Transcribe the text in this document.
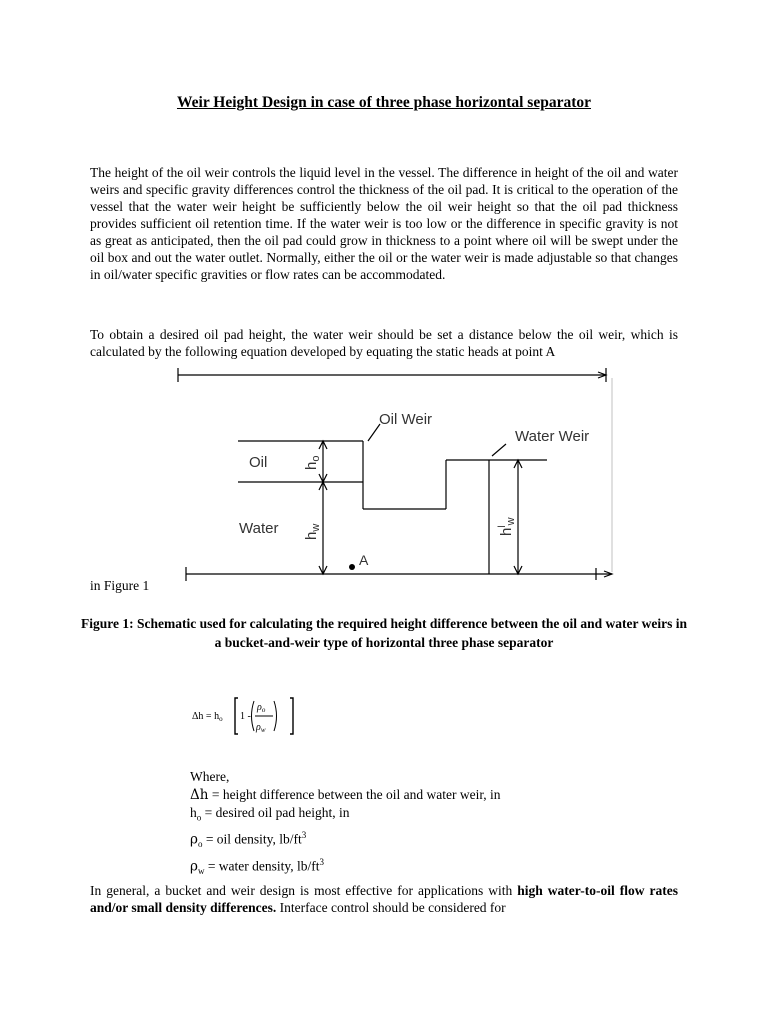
Weir Height Design in case of three phase horizontal separator
The height of the oil weir controls the liquid level in the vessel. The difference in height of the oil and water weirs and specific gravity differences control the thickness of the oil pad. It is critical to the operation of the vessel that the water weir height be sufficiently below the oil weir height so that the oil pad thickness provides sufficient oil retention time. If the water weir is too low or the difference in specific gravity is not as great as anticipated, then the oil pad could grow in thickness to a point where oil will be swept under the oil box and out the water outlet. Normally, either the oil or the water weir is made adjustable so that changes in oil/water specific gravities or flow rates can be accommodated.
To obtain a desired oil pad height, the water weir should be set a distance below the oil weir, which is calculated by the following equation developed by equating the static heads at point A
Oil Weir
Water Weir
Oil
Water
A
$h_o$
$h_w$	$h^l_w$
in Figure 1
Figure 1: Schematic used for calculating the required height difference between the oil and water weirs in a bucket-and-weir type of horizontal three phase separator
$\Delta h = h_o$ 1 -
$\rho_o$
$\rho_w$
Where,
Δh = height difference between the oil and water weir, in
$h_o$ = desired oil pad height, in
$\rho_o$ = oil density, $lb/ft^3$
$\rho_w$ = water density, $lb/ft^3$
In general, a bucket and weir design is most effective for applications with high water-to-oil flow rates and/or small density differences. Interface control should be considered for
